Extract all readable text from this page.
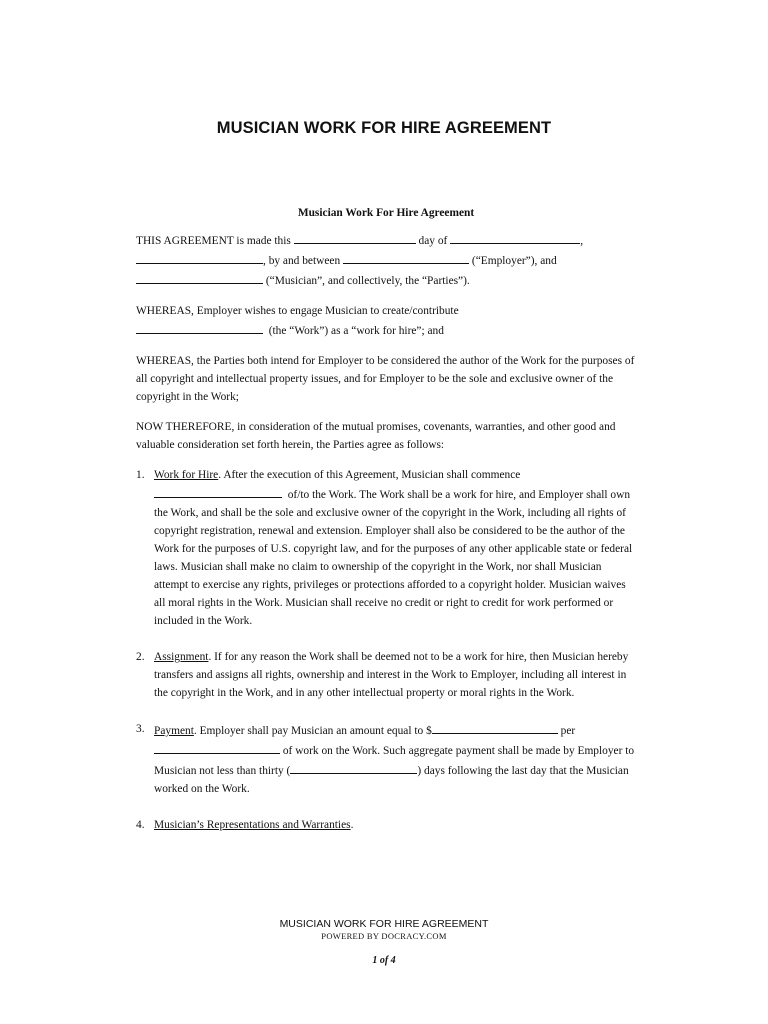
MUSICIAN WORK FOR HIRE AGREEMENT
Musician Work For Hire Agreement

THIS AGREEMENT is made this	day of	,
, by and between	(“Employer”), and
(“Musician”, and collectively, the “Parties”).

WHEREAS, Employer wishes to engage Musician to create/contribute
(the “Work”) as a “work for hire”; and

WHEREAS, the Parties both intend for Employer to be considered the author of the Work for the purposes of all copyright and intellectual property issues, and for Employer to be the sole and exclusive owner of the copyright in the Work;

NOW THEREFORE, in consideration of the mutual promises, covenants, warranties, and other good and valuable consideration set forth herein, the Parties agree as follows:

1. Work for Hire. After the execution of this Agreement, Musician shall commence
of/to the Work. The Work shall be a work for hire, and Employer shall own the Work, and shall be the sole and exclusive owner of the copyright in the Work, including all rights of copyright registration, renewal and extension. Employer shall also be considered to be the author of the Work for the purposes of U.S. copyright law, and for the purposes of any other applicable state or federal laws. Musician shall make no claim to ownership of the copyright in the Work, nor shall Musician attempt to exercise any rights, privileges or protections afforded to a copyright holder. Musician waives all moral rights in the Work. Musician shall receive no credit or right to credit for work performed or included in the Work.
2. Assignment. If for any reason the Work shall be deemed not to be a work for hire, then Musician hereby transfers and assigns all rights, ownership and interest in the Work to Employer, including all interest in the copyright in the Work, and in any other intellectual property or moral rights in the Work.
3. Payment. Employer shall pay Musician an amount equal to $	per
of work on the Work. Such aggregate payment shall be made by Employer to Musician not less than thirty (	) days following the last day that the Musician worked on the Work.
4. Musician’s Representations and Warranties.
MUSICIAN WORK FOR HIRE AGREEMENT
POWERED BY DOCRACY.COM
1 of 4
